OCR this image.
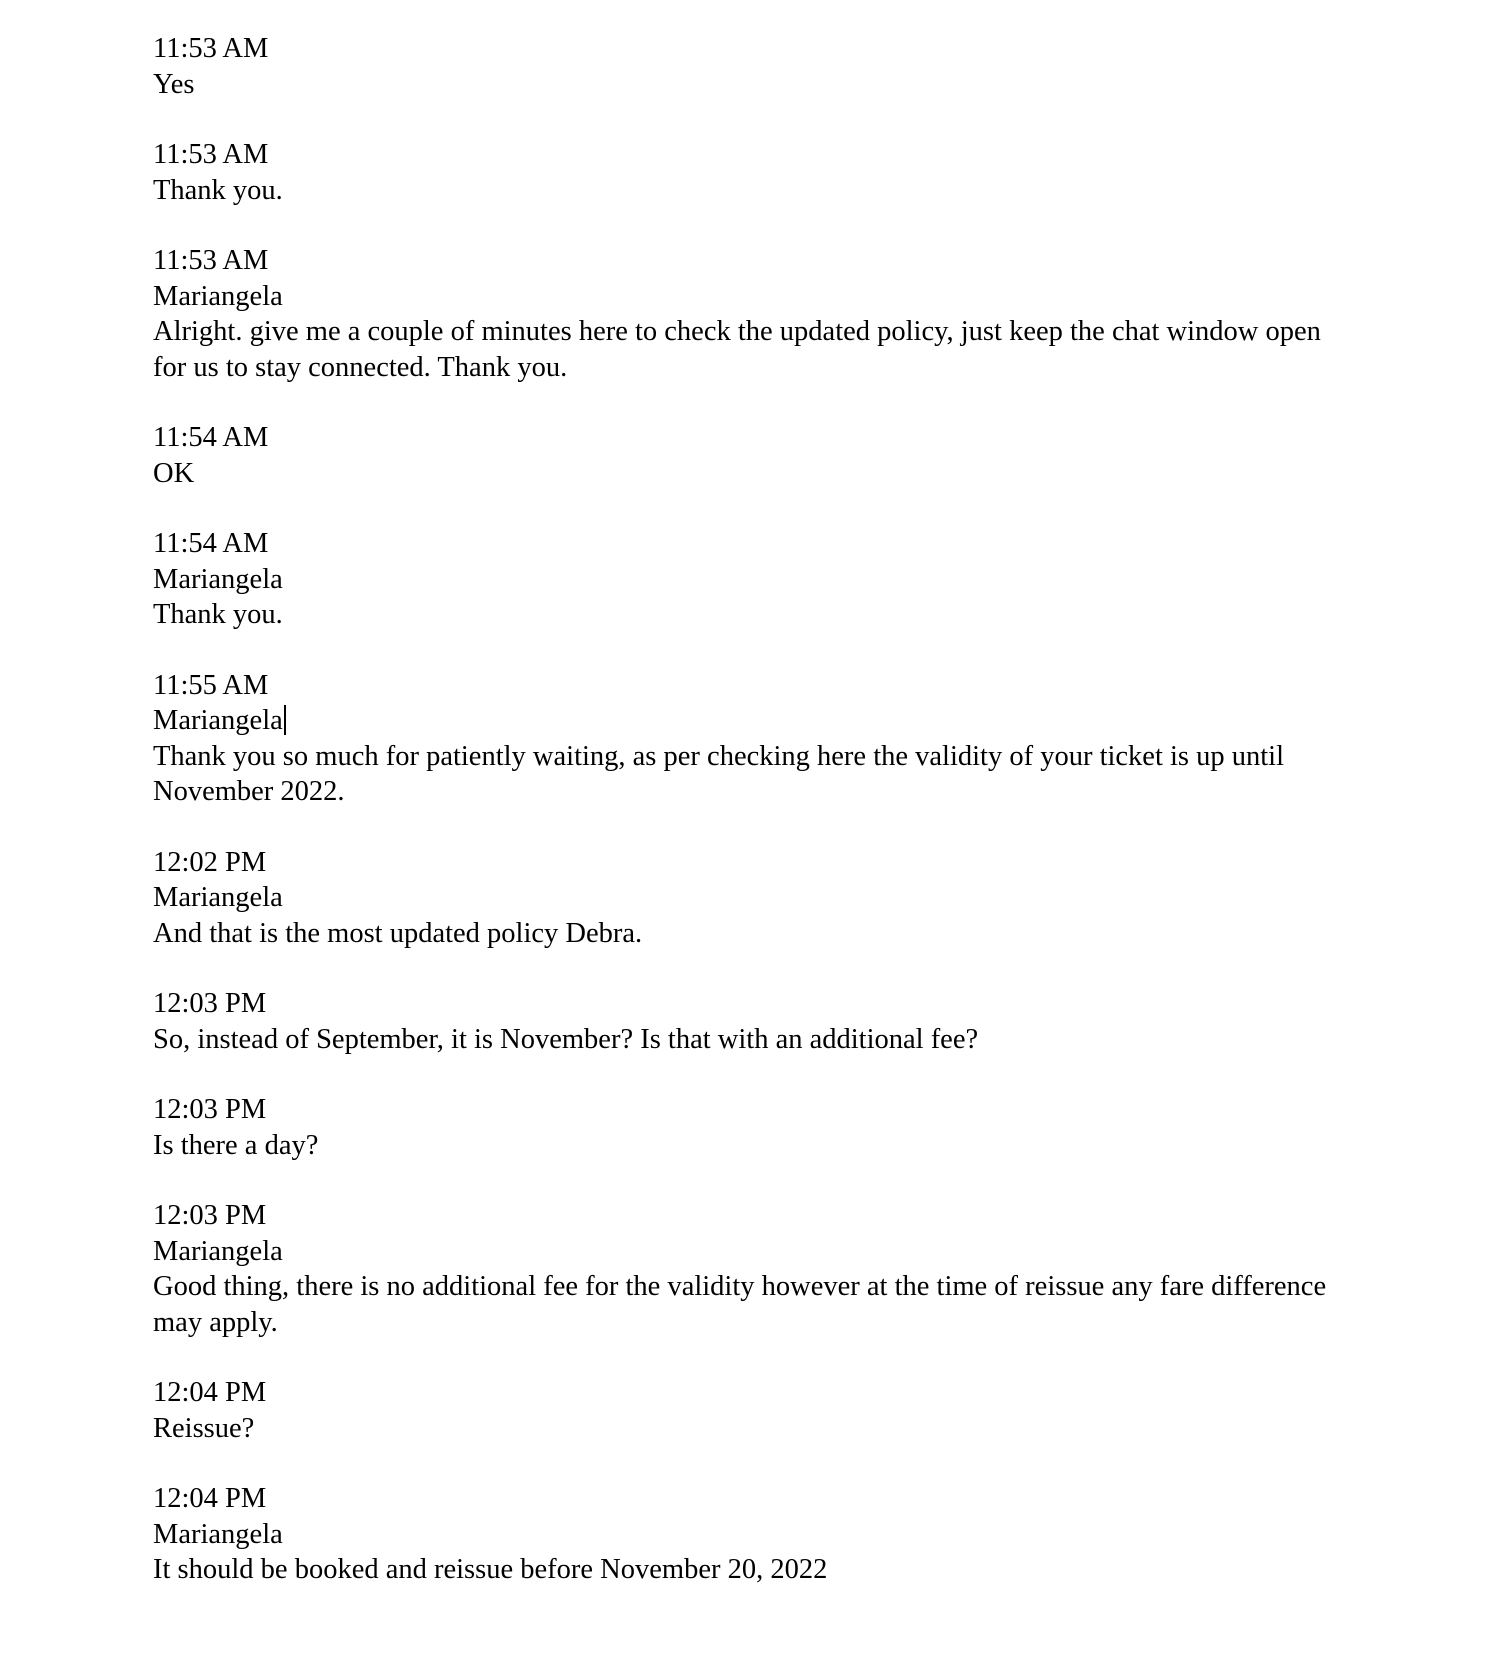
11:53 AM
Yes
11:53 AM
Thank you.
11:53 AM
Mariangela
Alright. give me a couple of minutes here to check the updated policy, just keep the chat window open for us to stay connected. Thank you.
11:54 AM
OK
11:54 AM
Mariangela
Thank you.
11:55 AM
Mariangela
Thank you so much for patiently waiting, as per checking here the validity of your ticket is up until November 2022.
12:02 PM
Mariangela
And that is the most updated policy Debra.
12:03 PM
So, instead of September, it is November? Is that with an additional fee?
12:03 PM
Is there a day?
12:03 PM
Mariangela
Good thing, there is no additional fee for the validity however at the time of reissue any fare difference may apply.
12:04 PM
Reissue?
12:04 PM
Mariangela
It should be booked and reissue before November 20, 2022
